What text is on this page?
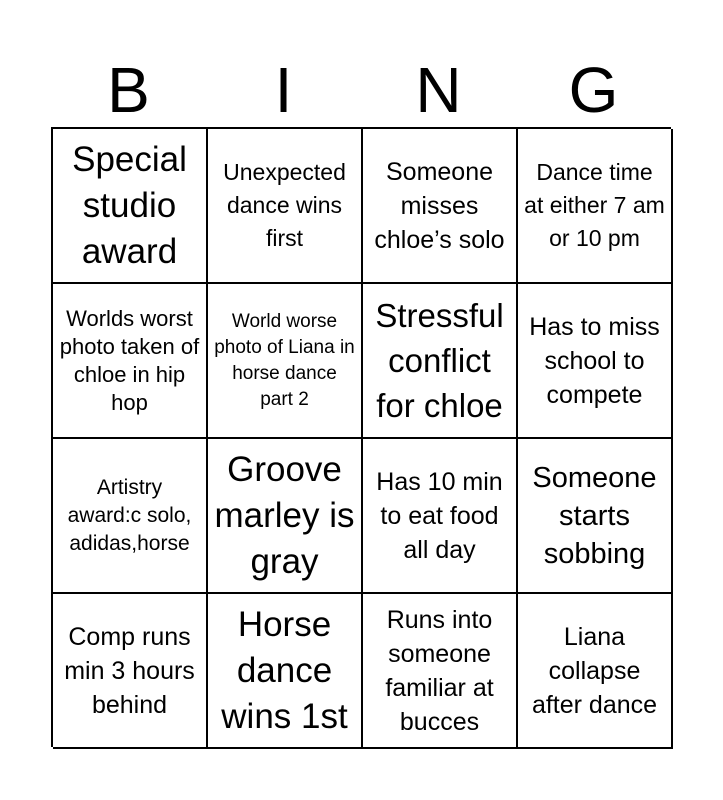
B	I	N	G
Special studio award
Unexpected dance wins first
Someone misses chloe’s solo
Dance time at either 7 am or 10 pm
Worlds worst photo taken of chloe in hip hop
World worse photo of Liana in horse dance part 2
Stressful conflict for chloe
Has to miss school to compete
Artistry award:c solo, adidas,horse
Groove marley is gray
Has 10 min to eat food all day
Someone starts sobbing
Comp runs min 3 hours behind
Horse dance wins 1st
Runs into someone familiar at bucces
Liana collapse after dance
